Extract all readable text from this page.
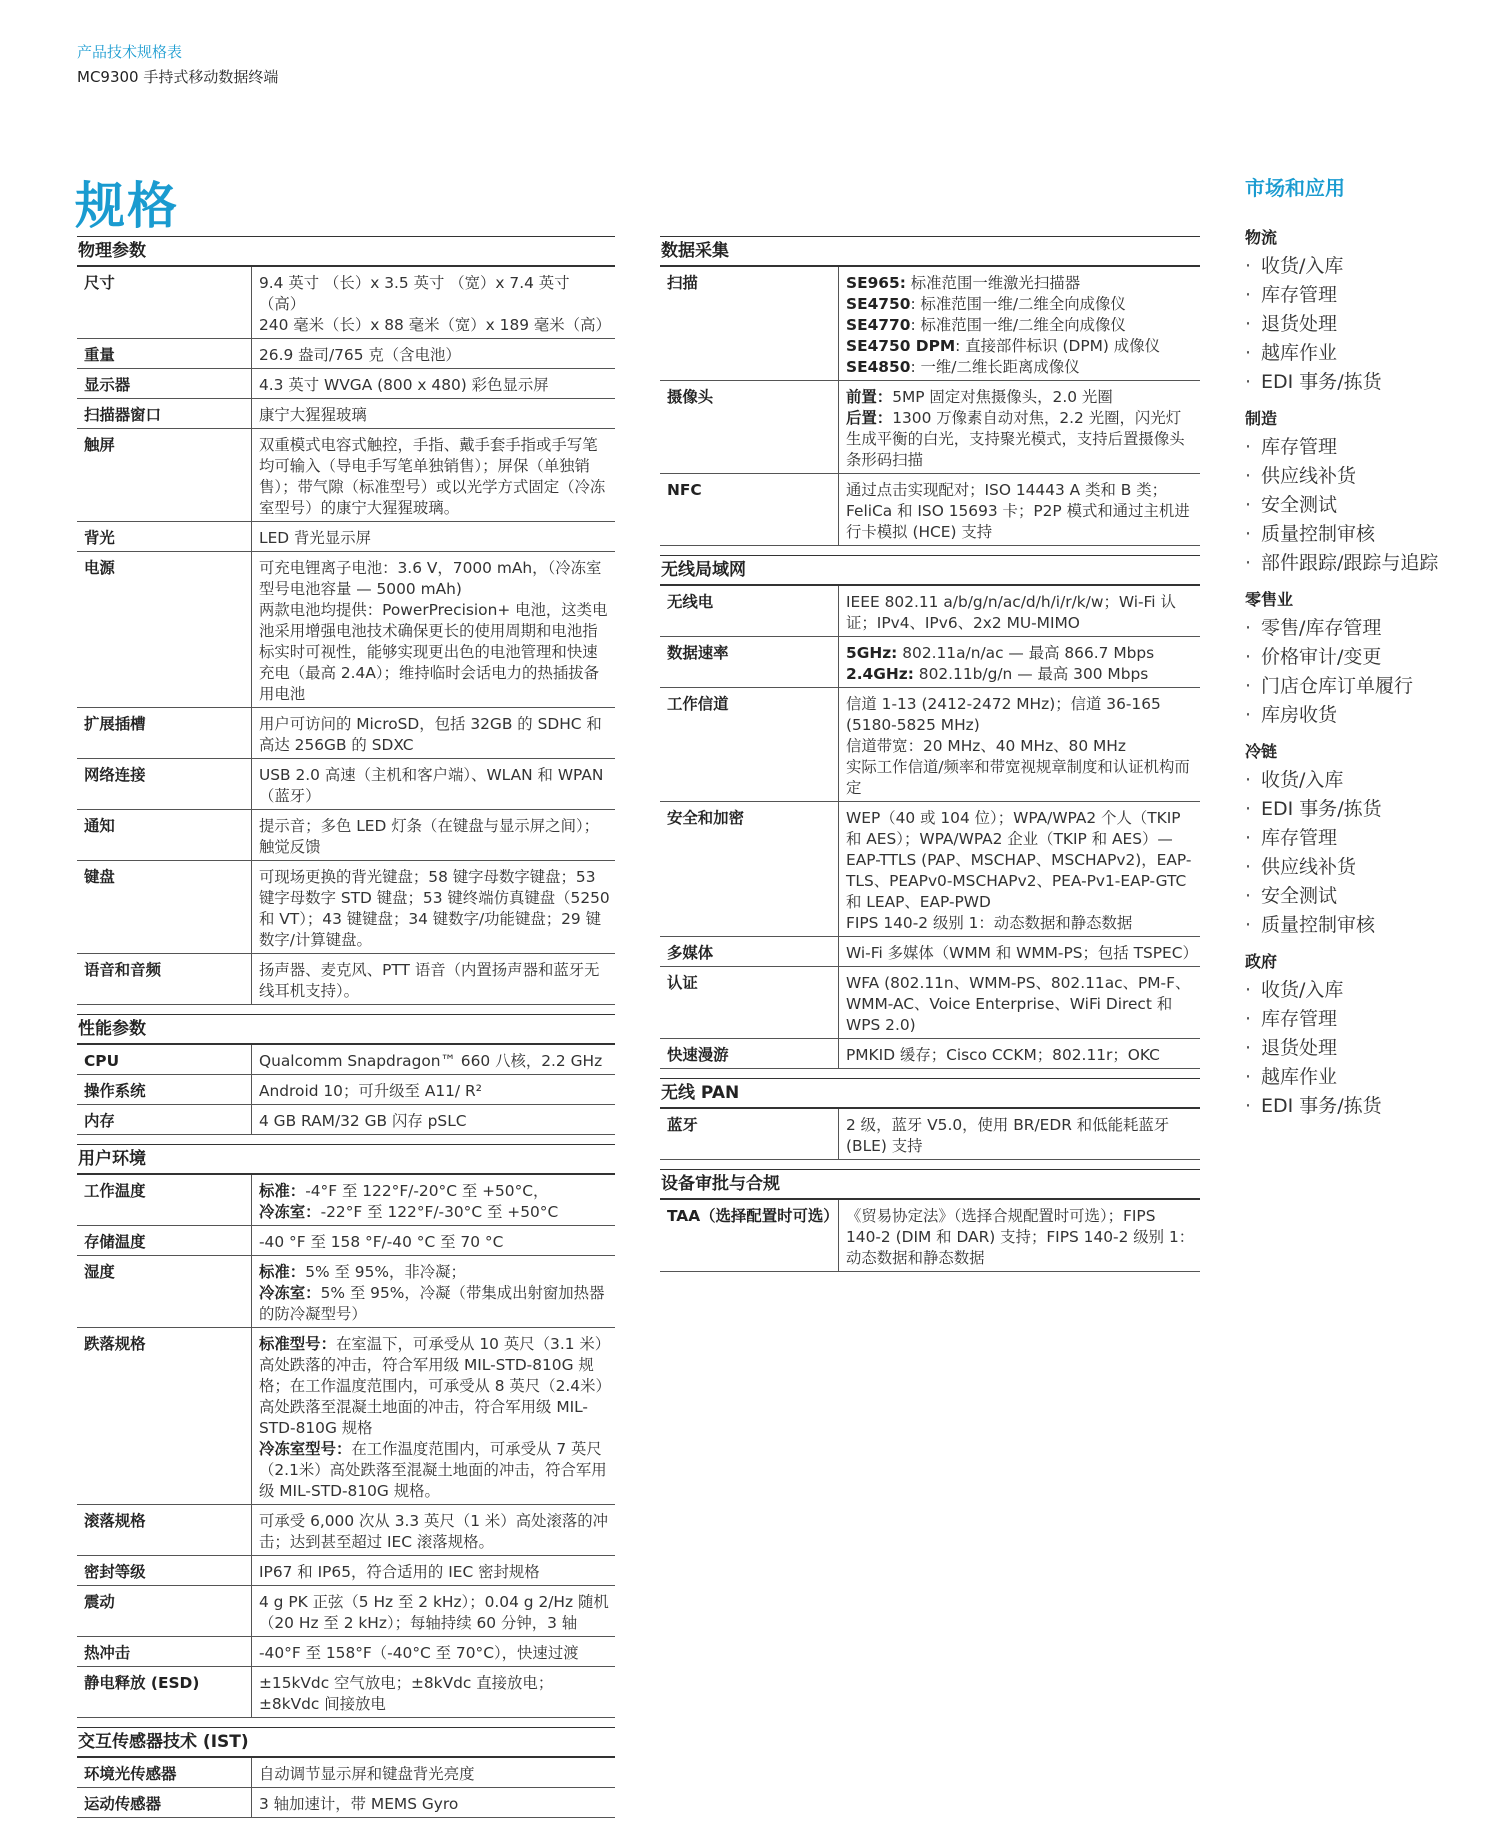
产品技术规格表
MC9300 手持式移动数据终端
规格
物理参数
尺寸	9.4 英寸 （长）x 3.5 英寸 （宽）x 7.4 英寸 （高）
240 毫米（长）x 88 毫米（宽）x 189 毫米（高）

重量	26.9 盎司/765 克（含电池）

显示器	4.3 英寸 WVGA (800 x 480) 彩色显示屏

扫描器窗口	康宁大猩猩玻璃

触屏	双重模式电容式触控，手指、戴手套手指或手写笔均可输入（导电手写笔单独销售）；屏保（单独销售）；带气隙（标准型号）或以光学方式固定（冷冻室型号）的康宁大猩猩玻璃。

背光	LED 背光显示屏

电源	可充电锂离子电池：3.6 V，7000 mAh，（冷冻室型号电池容量 — 5000 mAh)
两款电池均提供：PowerPrecision+ 电池，这类电池采用增强电池技术确保更长的使用周期和电池指标实时可视性，能够实现更出色的电池管理和快速充电（最高 2.4A）；维持临时会话电力的热插拔备用电池

扩展插槽	用户可访问的 MicroSD，包括 32GB 的 SDHC 和高达 256GB 的 SDXC

网络连接	USB 2.0 高速（主机和客户端）、WLAN 和 WPAN（蓝牙）

通知	提示音；多色 LED 灯条（在键盘与显示屏之间）；触觉反馈

键盘	可现场更换的背光键盘；58 键字母数字键盘；53 键字母数字 STD 键盘；53 键终端仿真键盘（5250 和 VT）；43 键键盘；34 键数字/功能键盘；29 键数字/计算键盘。

语音和音频	扬声器、麦克风、PTT 语音（内置扬声器和蓝牙无线耳机支持）。
性能参数
CPU	Qualcomm Snapdragon™ 660 八核，2.2 GHz

操作系统	Android 10；可升级至 A11/ R²

内存	4 GB RAM/32 GB 闪存 pSLC
用户环境
工作温度	标准：-4°F 至 122°F/-20°C 至 +50°C，
冷冻室：-22°F 至 122°F/-30°C 至 +50°C

存储温度	-40 °F 至 158 °F/-40 °C 至 70 °C

湿度	标准：5% 至 95%，非冷凝；
冷冻室：5% 至 95%，冷凝（带集成出射窗加热器的防冷凝型号）

跌落规格	标准型号：在室温下，可承受从 10 英尺（3.1 米）高处跌落的冲击，符合军用级 MIL-STD-810G 规格；在工作温度范围内，可承受从 8 英尺（2.4米）高处跌落至混凝土地面的冲击，符合军用级 MIL-STD-810G 规格
冷冻室型号：在工作温度范围内，可承受从 7 英尺（2.1米）高处跌落至混凝土地面的冲击，符合军用级 MIL-STD-810G 规格。

滚落规格	可承受 6,000 次从 3.3 英尺（1 米）高处滚落的冲击；达到甚至超过 IEC 滚落规格。

密封等级	IP67 和 IP65，符合适用的 IEC 密封规格

震动	4 g PK 正弦（5 Hz 至 2 kHz）；0.04 g 2/Hz 随机（20 Hz 至 2 kHz）；每轴持续 60 分钟，3 轴

热冲击	-40°F 至 158°F（-40°C 至 70°C），快速过渡

静电释放 (ESD)	±15kVdc 空气放电；±8kVdc 直接放电；±8kVdc 间接放电
交互传感器技术 (IST)
环境光传感器	自动调节显示屏和键盘背光亮度

运动传感器	3 轴加速计，带 MEMS Gyro
数据采集
扫描	SE965: 标准范围一维激光扫描器
SE4750: 标准范围一维/二维全向成像仪
SE4770: 标准范围一维/二维全向成像仪
SE4750 DPM: 直接部件标识 (DPM) 成像仪
SE4850: 一维/二维长距离成像仪

摄像头	前置：5MP 固定对焦摄像头，2.0 光圈
后置：1300 万像素自动对焦，2.2 光圈，闪光灯生成平衡的白光，支持聚光模式，支持后置摄像头条形码扫描

NFC	通过点击实现配对；ISO 14443 A 类和 B 类；FeliCa 和 ISO 15693 卡；P2P 模式和通过主机进行卡模拟 (HCE) 支持
无线局域网
无线电	IEEE 802.11 a/b/g/n/ac/d/h/i/r/k/w；Wi-Fi 认证；IPv4、IPv6、2x2 MU-MIMO

数据速率	5GHz: 802.11a/n/ac — 最高 866.7 Mbps
2.4GHz: 802.11b/g/n — 最高 300 Mbps

工作信道	信道 1-13 (2412-2472 MHz)；信道 36-165 (5180-5825 MHz)
信道带宽：20 MHz、40 MHz、80 MHz
实际工作信道/频率和带宽视规章制度和认证机构而定

安全和加密	WEP（40 或 104 位）；WPA/WPA2 个人（TKIP 和 AES）；WPA/WPA2 企业（TKIP 和 AES）— EAP-TTLS (PAP、MSCHAP、MSCHAPv2)，EAP-TLS、PEAPv0-MSCHAPv2、PEA-Pv1-EAP-GTC 和 LEAP、EAP-PWD
FIPS 140-2 级别 1：动态数据和静态数据

多媒体	Wi-Fi 多媒体（WMM 和 WMM-PS；包括 TSPEC）

认证	WFA (802.11n、WMM-PS、802.11ac、PM-F、WMM-AC、Voice Enterprise、WiFi Direct 和 WPS 2.0)

快速漫游	PMKID 缓存；Cisco CCKM；802.11r；OKC
无线 PAN
蓝牙	2 级，蓝牙 V5.0，使用 BR/EDR 和低能耗蓝牙 (BLE) 支持
设备审批与合规
TAA（选择配置时可选）	《贸易协定法》（选择合规配置时可选）；FIPS 140-2 (DIM 和 DAR) 支持；FIPS 140-2 级别 1：动态数据和静态数据
市场和应用
物流
· 收货/入库
· 库存管理
· 退货处理
· 越库作业
· EDI 事务/拣货
制造
· 库存管理
· 供应线补货
· 安全测试
· 质量控制审核
· 部件跟踪/跟踪与追踪
零售业
· 零售/库存管理
· 价格审计/变更
· 门店仓库订单履行
· 库房收货
冷链
· 收货/入库
· EDI 事务/拣货
· 库存管理
· 供应线补货
· 安全测试
· 质量控制审核
政府
· 收货/入库
· 库存管理
· 退货处理
· 越库作业
· EDI 事务/拣货
